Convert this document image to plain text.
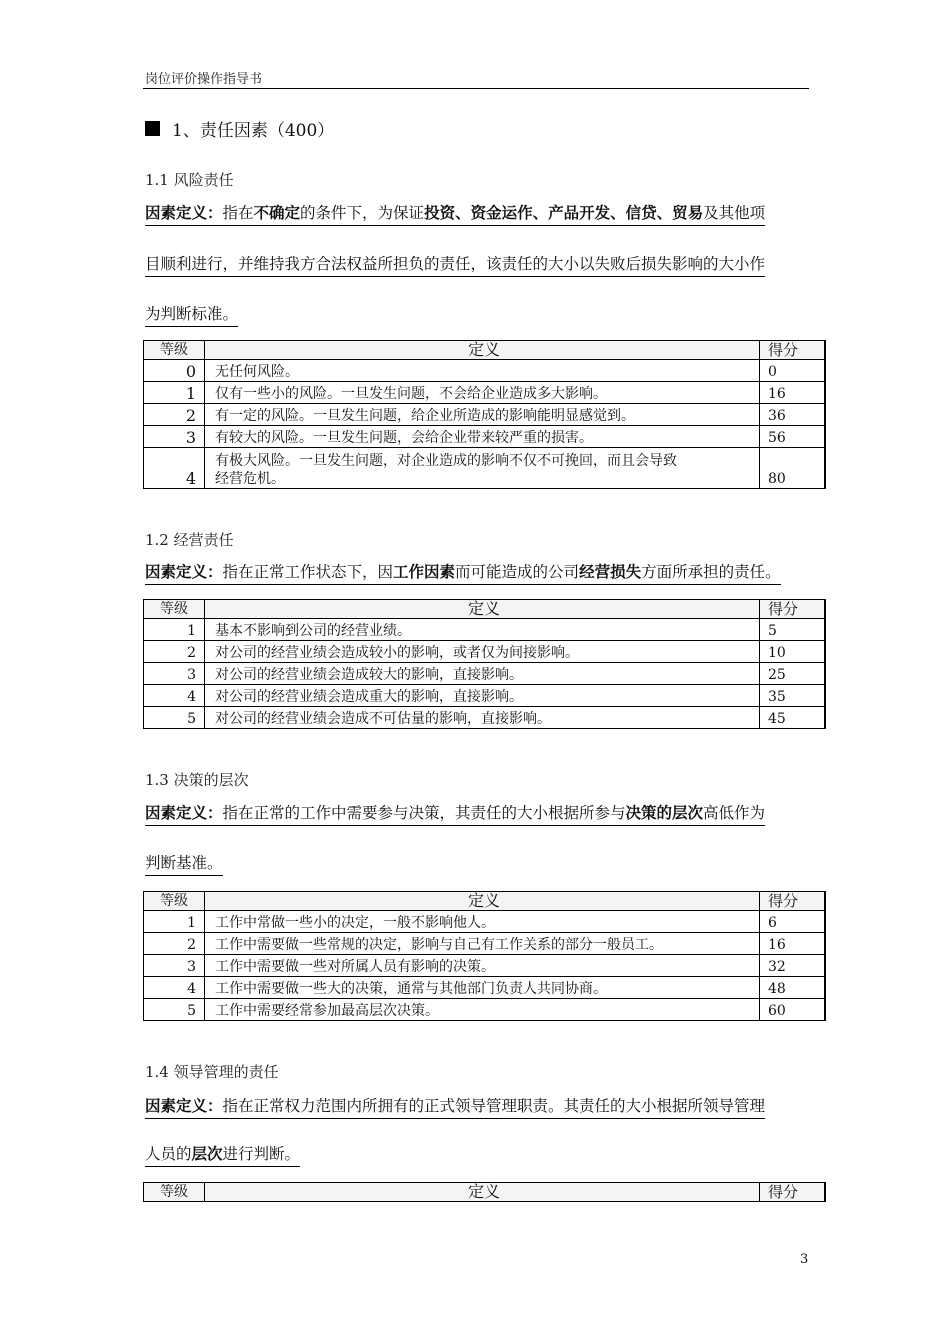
岗位评价操作指导书
1、责任因素（400）
1.1 风险责任
因素定义：指在不确定的条件下，为保证投资、资金运作、产品开发、信贷、贸易及其他项
目顺利进行，并维持我方合法权益所担负的责任，该责任的大小以失败后损失影响的大小作
为判断标准。
等级	定义	得分
0	无任何风险。	0
1	仅有一些小的风险。一旦发生问题，不会给企业造成多大影响。	16
2	有一定的风险。一旦发生问题，给企业所造成的影响能明显感觉到。	36
3	有较大的风险。一旦发生问题，会给企业带来较严重的损害。	56
4	有极大风险。一旦发生问题，对企业造成的影响不仅不可挽回，而且会导致
经营危机。	80
1.2 经营责任
因素定义：指在正常工作状态下，因工作因素而可能造成的公司经营损失方面所承担的责任。
等级	定义	得分
1	基本不影响到公司的经营业绩。	5
2	对公司的经营业绩会造成较小的影响，或者仅为间接影响。	10
3	对公司的经营业绩会造成较大的影响，直接影响。	25
4	对公司的经营业绩会造成重大的影响，直接影响。	35
5	对公司的经营业绩会造成不可估量的影响，直接影响。	45
1.3 决策的层次
因素定义：指在正常的工作中需要参与决策，其责任的大小根据所参与决策的层次高低作为
判断基准。
等级	定义	得分
1	工作中常做一些小的决定，一般不影响他人。	6
2	工作中需要做一些常规的决定，影响与自己有工作关系的部分一般员工。	16
3	工作中需要做一些对所属人员有影响的决策。	32
4	工作中需要做一些大的决策，通常与其他部门负责人共同协商。	48
5	工作中需要经常参加最高层次决策。	60
1.4 领导管理的责任
因素定义：指在正常权力范围内所拥有的正式领导管理职责。其责任的大小根据所领导管理
人员的层次进行判断。
等级	定义	得分
3
